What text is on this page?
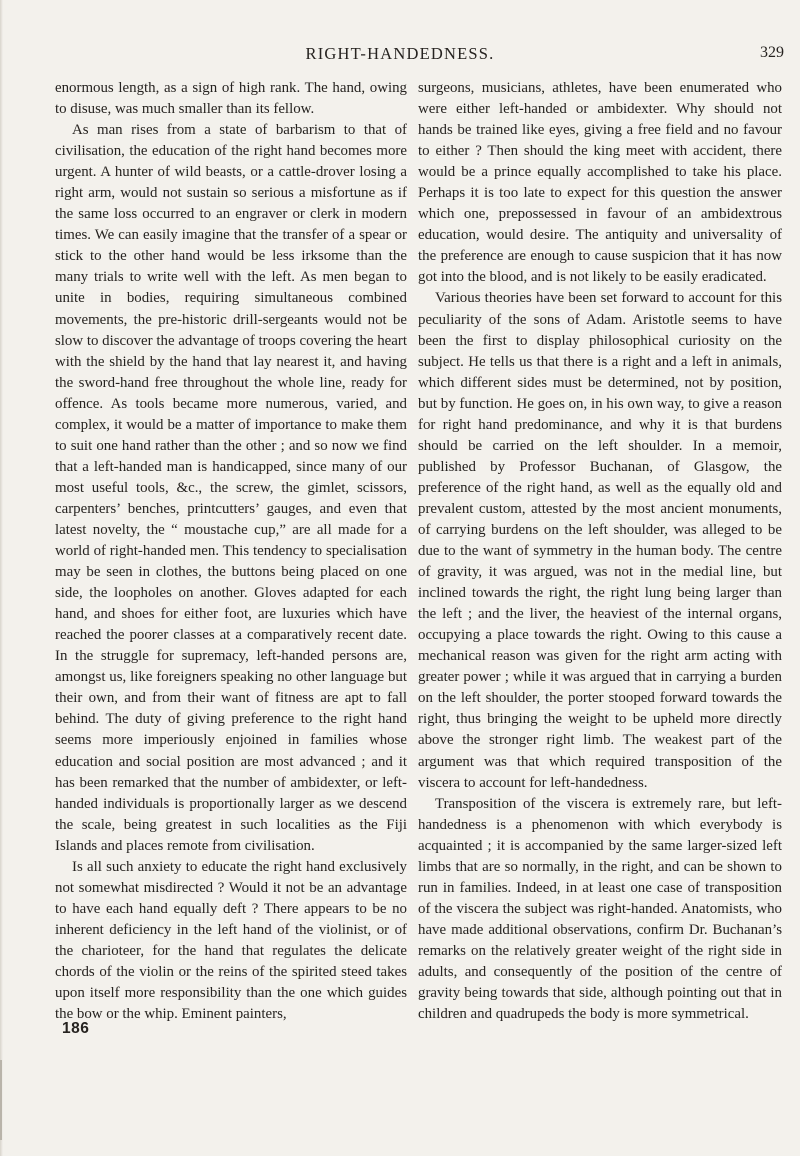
RIGHT-HANDEDNESS.	329

enormous length, as a sign of high rank. The hand, owing to disuse, was much smaller than its fellow.

As man rises from a state of barbarism to that of civilisation, the education of the right hand becomes more urgent. A hunter of wild beasts, or a cattle-drover losing a right arm, would not sustain so serious a misfortune as if the same loss occurred to an engraver or clerk in modern times. We can easily imagine that the transfer of a spear or stick to the other hand would be less irksome than the many trials to write well with the left. As men began to unite in bodies, requiring simultaneous combined movements, the pre-historic drill-sergeants would not be slow to discover the advantage of troops covering the heart with the shield by the hand that lay nearest it, and having the sword-hand free throughout the whole line, ready for offence. As tools became more numerous, varied, and complex, it would be a matter of importance to make them to suit one hand rather than the other ; and so now we find that a left-handed man is handicapped, since many of our most useful tools, &c., the screw, the gimlet, scissors, carpenters’ benches, printcutters’ gauges, and even that latest novelty, the “ moustache cup,” are all made for a world of right-handed men. This tendency to specialisation may be seen in clothes, the buttons being placed on one side, the loopholes on another. Gloves adapted for each hand, and shoes for either foot, are luxuries which have reached the poorer classes at a comparatively recent date. In the struggle for supremacy, left-handed persons are, amongst us, like foreigners speaking no other language but their own, and from their want of fitness are apt to fall behind. The duty of giving preference to the right hand seems more imperiously enjoined in families whose education and social position are most advanced ; and it has been remarked that the number of ambidexter, or left-handed individuals is proportionally larger as we descend the scale, being greatest in such localities as the Fiji Islands and places remote from civilisation.

Is all such anxiety to educate the right hand exclusively not somewhat misdirected ? Would it not be an advantage to have each hand equally deft ? There appears to be no inherent deficiency in the left hand of the violinist, or of the charioteer, for the hand that regulates the delicate chords of the violin or the reins of the spirited steed takes upon itself more responsibility than the one which guides the bow or the whip. Eminent painters,

surgeons, musicians, athletes, have been enumerated who were either left-handed or ambidexter. Why should not hands be trained like eyes, giving a free field and no favour to either ? Then should the king meet with accident, there would be a prince equally accomplished to take his place. Perhaps it is too late to expect for this question the answer which one, prepossessed in favour of an ambidextrous education, would desire. The antiquity and universality of the preference are enough to cause suspicion that it has now got into the blood, and is not likely to be easily eradicated.

Various theories have been set forward to account for this peculiarity of the sons of Adam. Aristotle seems to have been the first to display philosophical curiosity on the subject. He tells us that there is a right and a left in animals, which different sides must be determined, not by position, but by function. He goes on, in his own way, to give a reason for right hand predominance, and why it is that burdens should be carried on the left shoulder. In a memoir, published by Professor Buchanan, of Glasgow, the preference of the right hand, as well as the equally old and prevalent custom, attested by the most ancient monuments, of carrying burdens on the left shoulder, was alleged to be due to the want of symmetry in the human body. The centre of gravity, it was argued, was not in the medial line, but inclined towards the right, the right lung being larger than the left ; and the liver, the heaviest of the internal organs, occupying a place towards the right. Owing to this cause a mechanical reason was given for the right arm acting with greater power ; while it was argued that in carrying a burden on the left shoulder, the porter stooped forward towards the right, thus bringing the weight to be upheld more directly above the stronger right limb. The weakest part of the argument was that which required transposition of the viscera to account for left-handedness.

Transposition of the viscera is extremely rare, but left-handedness is a phenomenon with which everybody is acquainted ; it is accompanied by the same larger-sized left limbs that are so normally, in the right, and can be shown to run in families. Indeed, in at least one case of transposition of the viscera the subject was right-handed. Anatomists, who have made additional observations, confirm Dr. Buchanan’s remarks on the relatively greater weight of the right side in adults, and consequently of the position of the centre of gravity being towards that side, although pointing out that in children and quadrupeds the body is more symmetrical.

186
